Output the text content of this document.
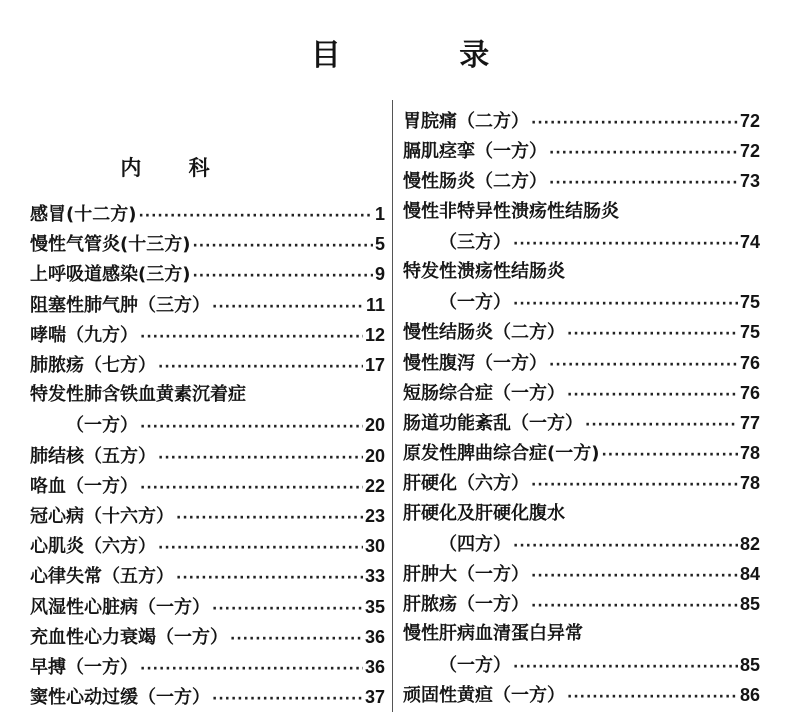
目 录
内 科
感冒(十二方) ·····	1
慢性气管炎(十三方) ·····	5
上呼吸道感染(三方) ·····	9
阻塞性肺气肿（三方） ·····	11
哮喘（九方） ·····	12
肺脓疡（七方） ·····	17
特发性肺含铁血黄素沉着症
（一方） ·····	20
肺结核（五方） ·····	20
咯血（一方） ·····	22
冠心病（十六方） ·····	23
心肌炎（六方） ·····	30
心律失常（五方） ·····	33
风湿性心脏病（一方） ·····	35
充血性心力衰竭（一方） ·····	36
早搏（一方） ·····	36
窦性心动过缓（一方） ·····	37
胃脘痛（二方） ·····	72
膈肌痉挛（一方） ·····	72
慢性肠炎（二方） ·····	73
慢性非特异性溃疡性结肠炎
（三方） ·····	74
特发性溃疡性结肠炎
（一方） ·····	75
慢性结肠炎（二方） ·····	75
慢性腹泻（一方） ·····	76
短肠综合症（一方） ·····	76
肠道功能紊乱（一方） ·····	77
原发性脾曲综合症(一方) ·····	78
肝硬化（六方） ·····	78
肝硬化及肝硬化腹水
（四方） ·····	82
肝肿大（一方） ·····	84
肝脓疡（一方） ·····	85
慢性肝病血清蛋白异常
（一方） ·····	85
顽固性黄疸（一方） ·····	86
